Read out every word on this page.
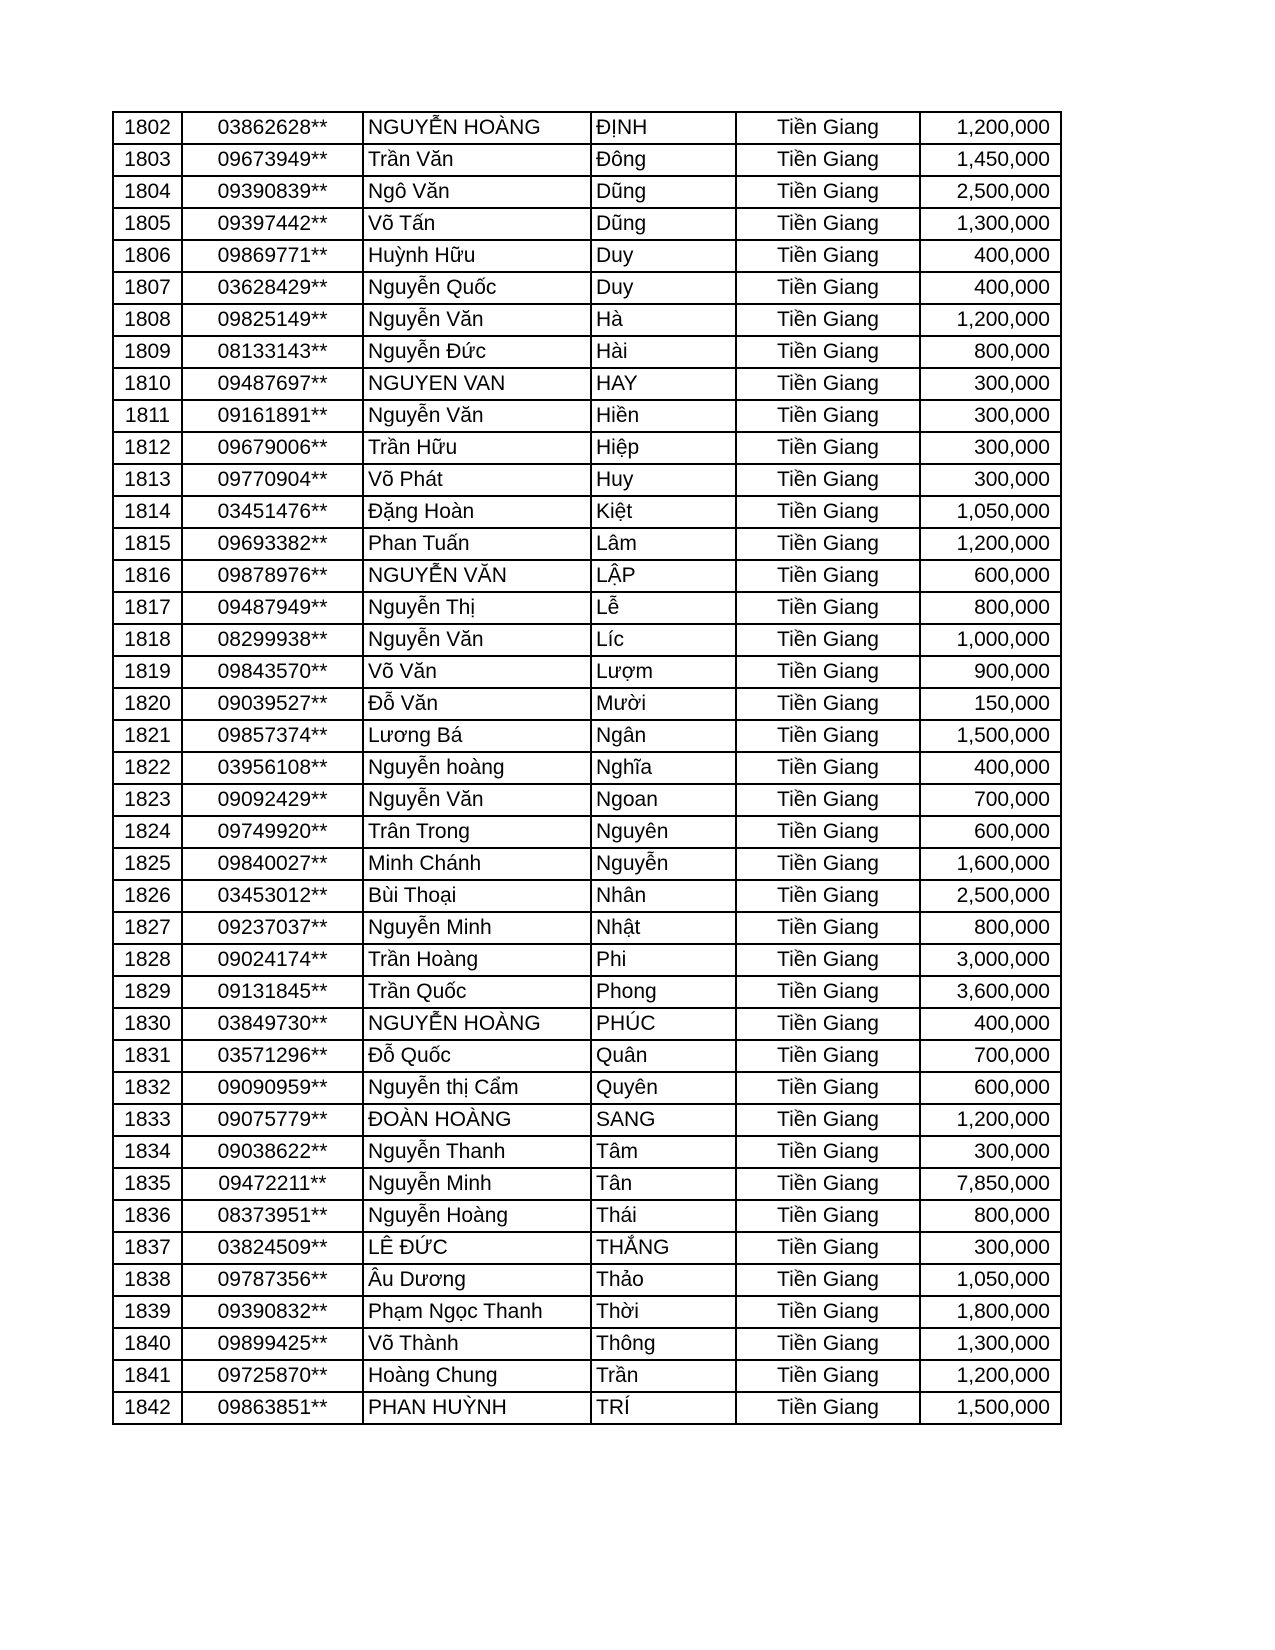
1802	03862628**	NGUYỄN HOÀNG	ĐỊNH	Tiền Giang	1,200,000
1803	09673949**	Trần Văn	Đông	Tiền Giang	1,450,000
1804	09390839**	Ngô Văn	Dũng	Tiền Giang	2,500,000
1805	09397442**	Võ Tấn	Dũng	Tiền Giang	1,300,000
1806	09869771**	Huỳnh Hữu	Duy	Tiền Giang	400,000
1807	03628429**	Nguyễn Quốc	Duy	Tiền Giang	400,000
1808	09825149**	Nguyễn Văn	Hà	Tiền Giang	1,200,000
1809	08133143**	Nguyễn Đức	Hài	Tiền Giang	800,000
1810	09487697**	NGUYEN VAN	HAY	Tiền Giang	300,000
1811	09161891**	Nguyễn Văn	Hiền	Tiền Giang	300,000
1812	09679006**	Trần Hữu	Hiệp	Tiền Giang	300,000
1813	09770904**	Võ Phát	Huy	Tiền Giang	300,000
1814	03451476**	Đặng Hoàn	Kiệt	Tiền Giang	1,050,000
1815	09693382**	Phan Tuấn	Lâm	Tiền Giang	1,200,000
1816	09878976**	NGUYỄN VĂN	LẬP	Tiền Giang	600,000
1817	09487949**	Nguyễn Thị	Lễ	Tiền Giang	800,000
1818	08299938**	Nguyễn Văn	Líc	Tiền Giang	1,000,000
1819	09843570**	Võ Văn	Lượm	Tiền Giang	900,000
1820	09039527**	Đỗ Văn	Mười	Tiền Giang	150,000
1821	09857374**	Lương Bá	Ngân	Tiền Giang	1,500,000
1822	03956108**	Nguyễn hoàng	Nghĩa	Tiền Giang	400,000
1823	09092429**	Nguyễn Văn	Ngoan	Tiền Giang	700,000
1824	09749920**	Trân Trong	Nguyên	Tiền Giang	600,000
1825	09840027**	Minh Chánh	Nguyễn	Tiền Giang	1,600,000
1826	03453012**	Bùi Thoại	Nhân	Tiền Giang	2,500,000
1827	09237037**	Nguyễn Minh	Nhật	Tiền Giang	800,000
1828	09024174**	Trần Hoàng	Phi	Tiền Giang	3,000,000
1829	09131845**	Trần Quốc	Phong	Tiền Giang	3,600,000
1830	03849730**	NGUYỄN HOÀNG	PHÚC	Tiền Giang	400,000
1831	03571296**	Đỗ Quốc	Quân	Tiền Giang	700,000
1832	09090959**	Nguyễn thị Cẩm	Quyên	Tiền Giang	600,000
1833	09075779**	ĐOÀN HOÀNG	SANG	Tiền Giang	1,200,000
1834	09038622**	Nguyễn Thanh	Tâm	Tiền Giang	300,000
1835	09472211**	Nguyễn Minh	Tân	Tiền Giang	7,850,000
1836	08373951**	Nguyễn Hoàng	Thái	Tiền Giang	800,000
1837	03824509**	LÊ ĐỨC	THẮNG	Tiền Giang	300,000
1838	09787356**	Âu Dương	Thảo	Tiền Giang	1,050,000
1839	09390832**	Phạm Ngọc Thanh	Thời	Tiền Giang	1,800,000
1840	09899425**	Võ Thành	Thông	Tiền Giang	1,300,000
1841	09725870**	Hoàng Chung	Trần	Tiền Giang	1,200,000
1842	09863851**	PHAN HUỲNH	TRÍ	Tiền Giang	1,500,000
